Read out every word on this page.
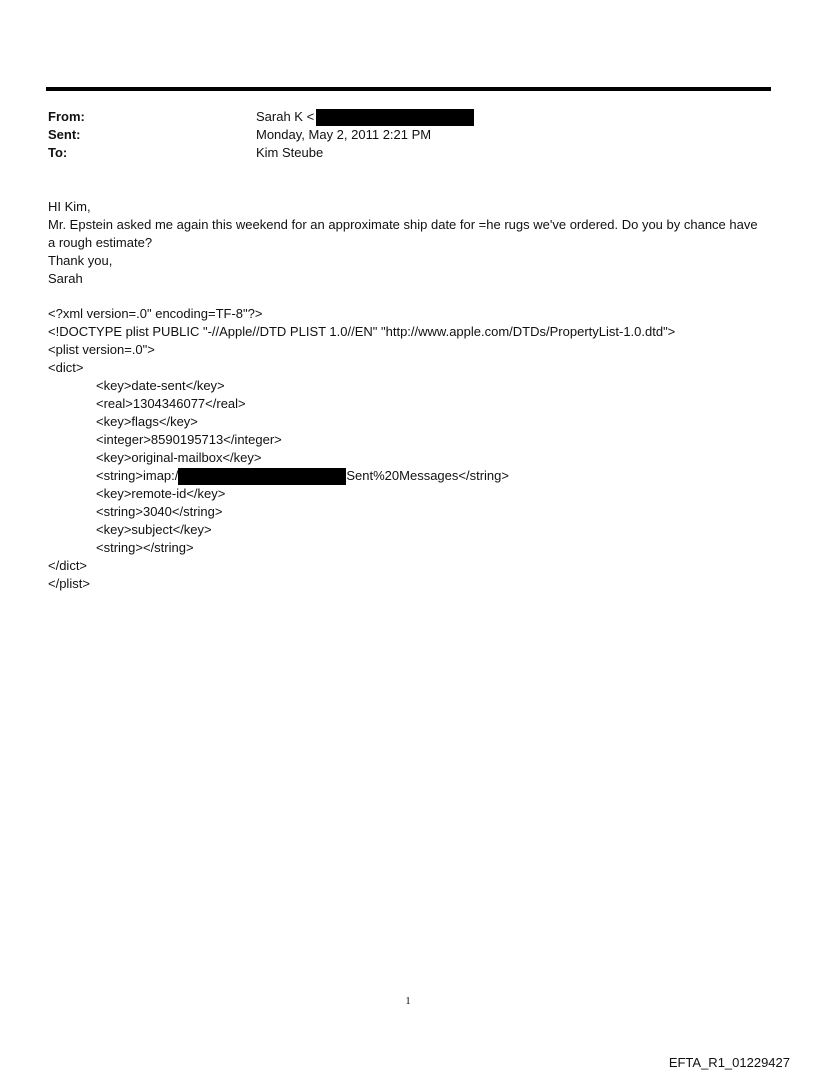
From:	Sarah K <
Sent:	Monday, May 2, 2011 2:21 PM
To:	Kim Steube

HI Kim,

Mr. Epstein asked me again this weekend for an approximate ship date for =he rugs we've ordered. Do you by chance have a rough estimate?

Thank you,

Sarah

<?xml version=.0" encoding=TF-8"?>
<!DOCTYPE plist PUBLIC "-//Apple//DTD PLIST 1.0//EN" "http://www.apple.com/DTDs/PropertyList-1.0.dtd">
<plist version=.0">
<dict>
<key>date-sent</key>
<real>1304346077</real>
<key>flags</key>
<integer>8590195713</integer>
<key>original-mailbox</key>
<string>imap:/	Sent%20Messages</string>
<key>remote-id</key>
<string>3040</string>
<key>subject</key>
<string></string>
</dict>
</plist>
1
EFTA_R1_01229427
